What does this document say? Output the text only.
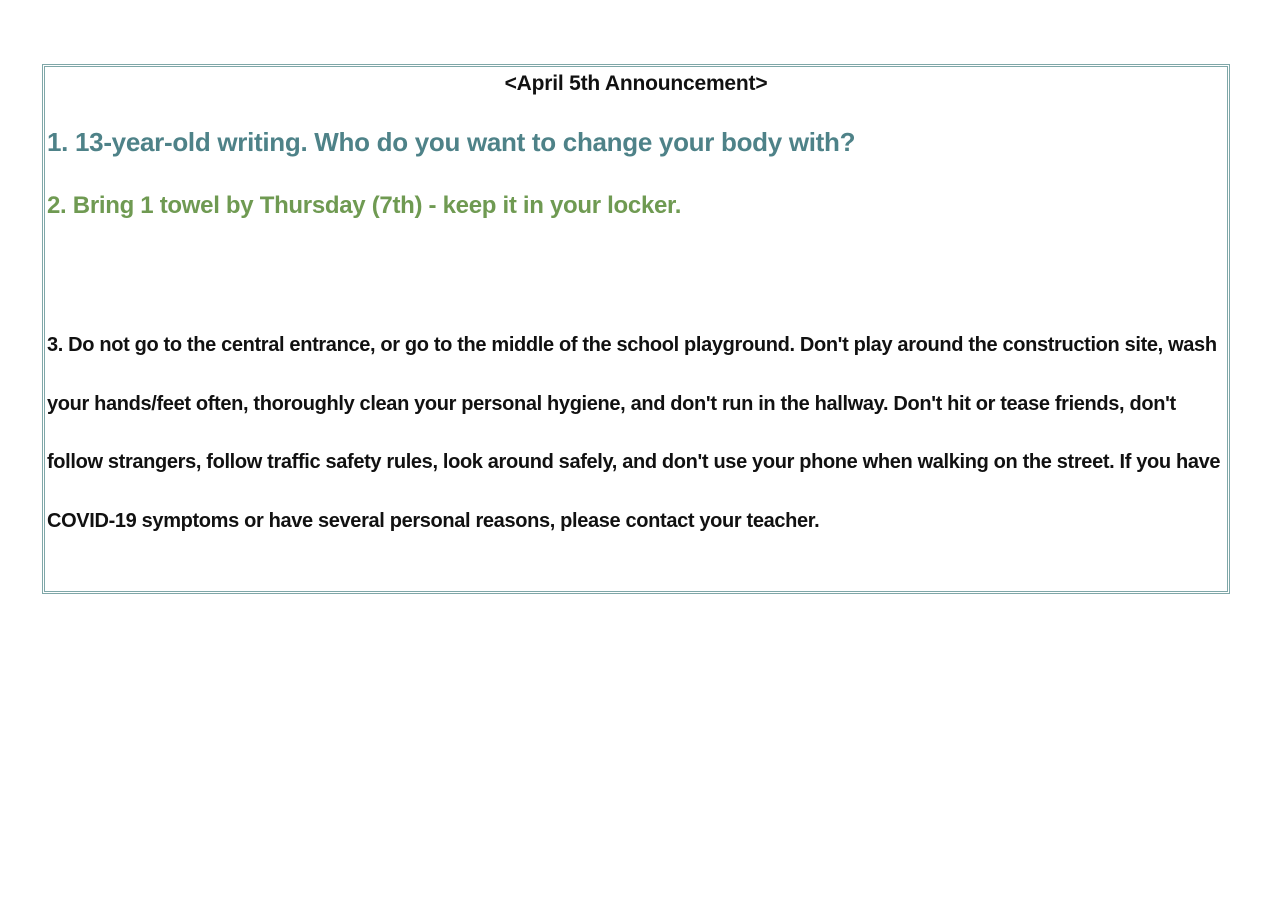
<April 5th Announcement>
1. 13-year-old writing. Who do you want to change your body with?
2. Bring 1 towel by Thursday (7th) - keep it in your locker.
3. Do not go to the central entrance, or go to the middle of the school playground. Don't play around the construction site, wash your hands/feet often, thoroughly clean your personal hygiene, and don't run in the hallway. Don't hit or tease friends, don't follow strangers, follow traffic safety rules, look around safely, and don't use your phone when walking on the street. If you have COVID-19 symptoms or have several personal reasons, please contact your teacher.
